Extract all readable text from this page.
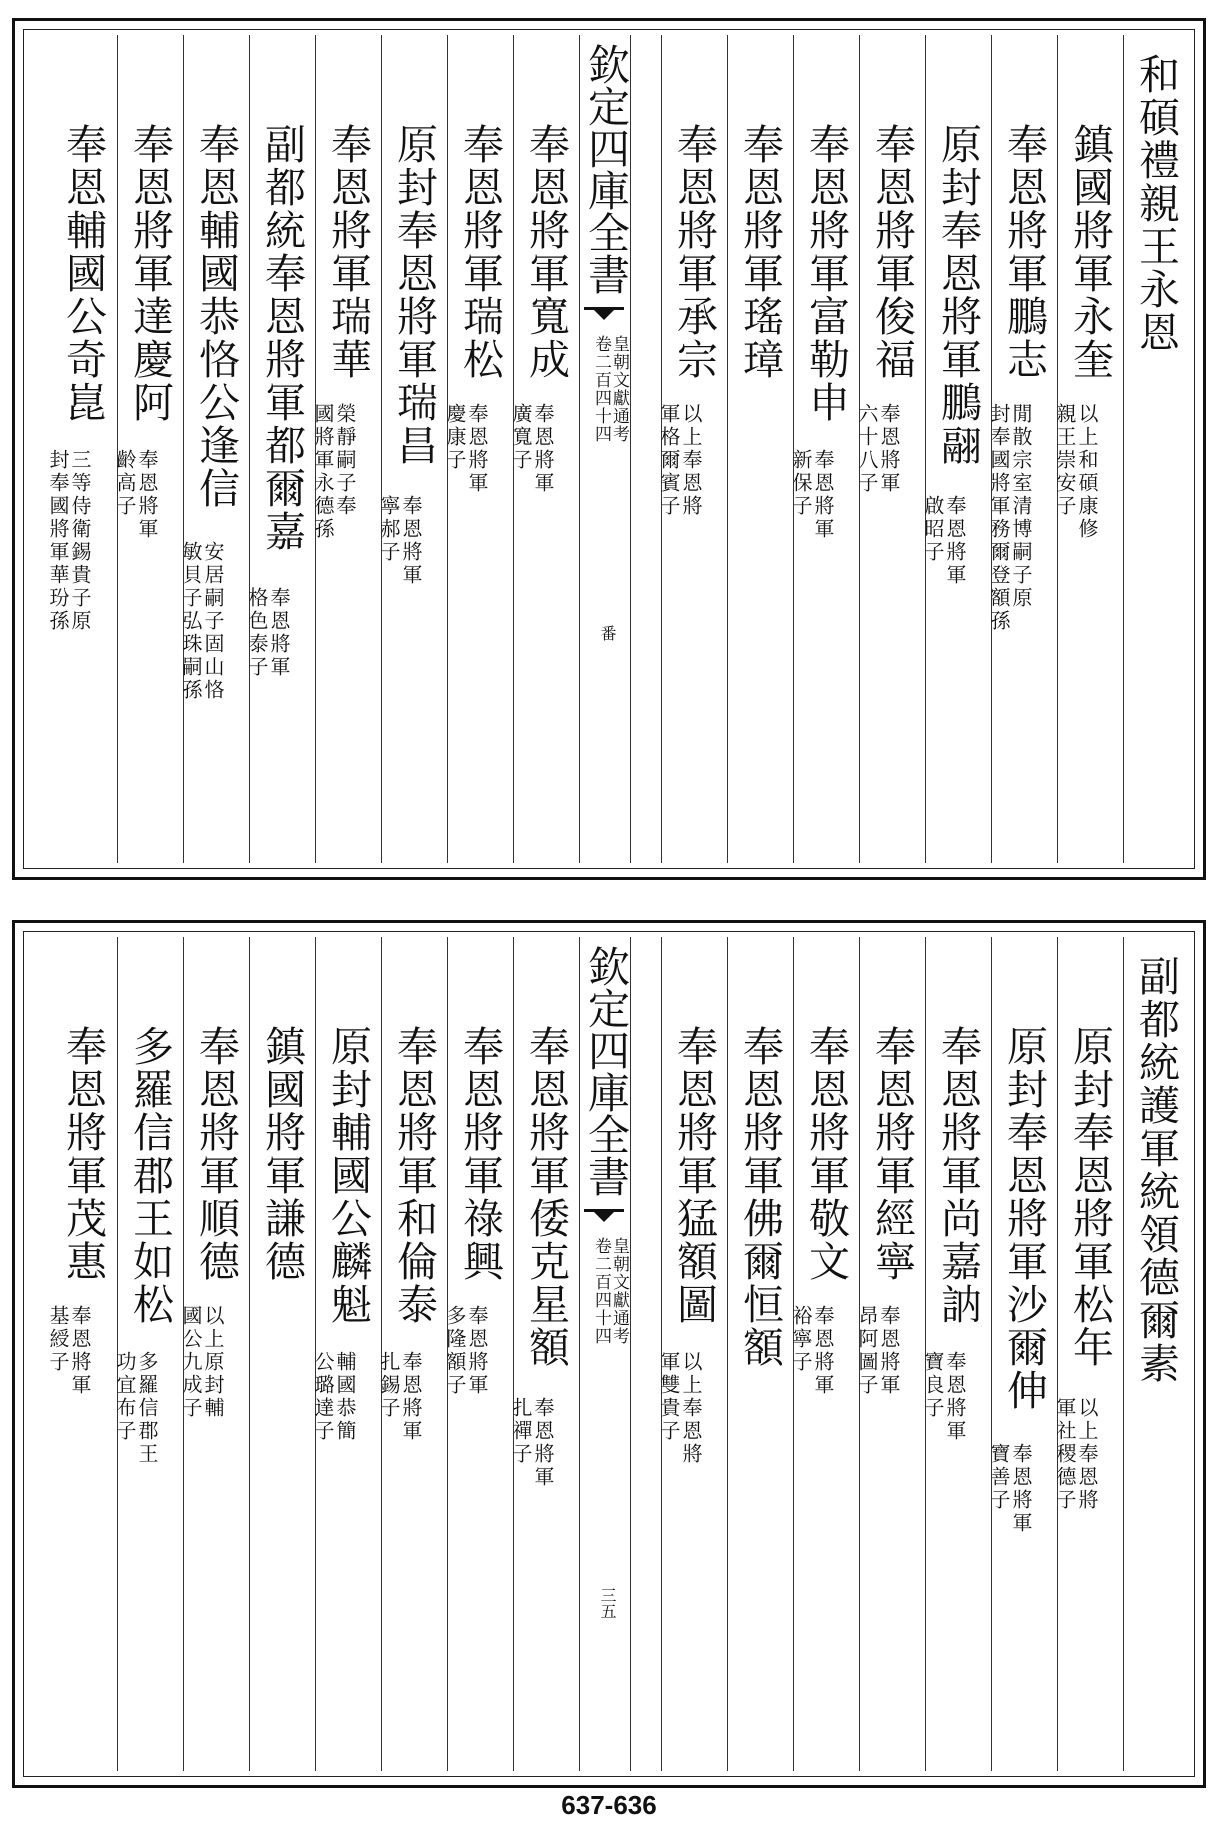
欽定四庫全書
皇朝文獻通考
卷二百四十四
番
和碩禮親王永恩
鎮國將軍永奎
以上和碩康修
親王崇安子
奉恩將軍鵬志
閒散宗室清博嗣子原
封奉國將軍務爾登額孫
原封奉恩將軍鵬翮
奉恩將軍
啟昭子
奉恩將軍俊福
奉恩將軍
六十八子
奉恩將軍富勒申
奉恩將軍
新保子
奉恩將軍瑤璋
奉恩將軍承宗
以上奉恩將
軍格爾賓子
奉恩將軍寬成
奉恩將軍
廣寬子
奉恩將軍瑞松
奉恩將軍
慶康子
原封奉恩將軍瑞昌
奉恩將軍
寧郝子
奉恩將軍瑞華
榮靜嗣子奉
國將軍永德孫
副都統奉恩將軍都爾嘉
奉恩將軍
格色泰子
奉恩輔國恭恪公逢信
安居嗣子固山恪
敏貝子弘珠嗣孫
奉恩將軍達慶阿
奉恩將軍
齡高子
奉恩輔國公奇崑
三等侍衛錫貴子原
封奉國將軍華玢孫
欽定四庫全書
皇朝文獻通考
卷二百四十四
三五
副都統護軍統領德爾素
原封奉恩將軍松年
以上奉恩將
軍社稷德子
原封奉恩將軍沙爾伸
奉恩將軍
寶善子
奉恩將軍尚嘉訥
奉恩將軍
寶良子
奉恩將軍經寧
奉恩將軍
昂阿圖子
奉恩將軍敬文
奉恩將軍
裕寧子
奉恩將軍佛爾恒額
奉恩將軍猛額圖
以上奉恩將
軍雙貴子
奉恩將軍倭克星額
奉恩將軍
扎禪子
奉恩將軍祿興
奉恩將軍
多隆額子
奉恩將軍和倫泰
奉恩將軍
扎錫子
原封輔國公麟魁
輔國恭簡
公璐達子
鎮國將軍謙德
奉恩將軍順德
以上原封輔
國公九成子
多羅信郡王如松
多羅信郡王
功宜布子
奉恩將軍茂惠
奉恩將軍
基綬子
637-636
